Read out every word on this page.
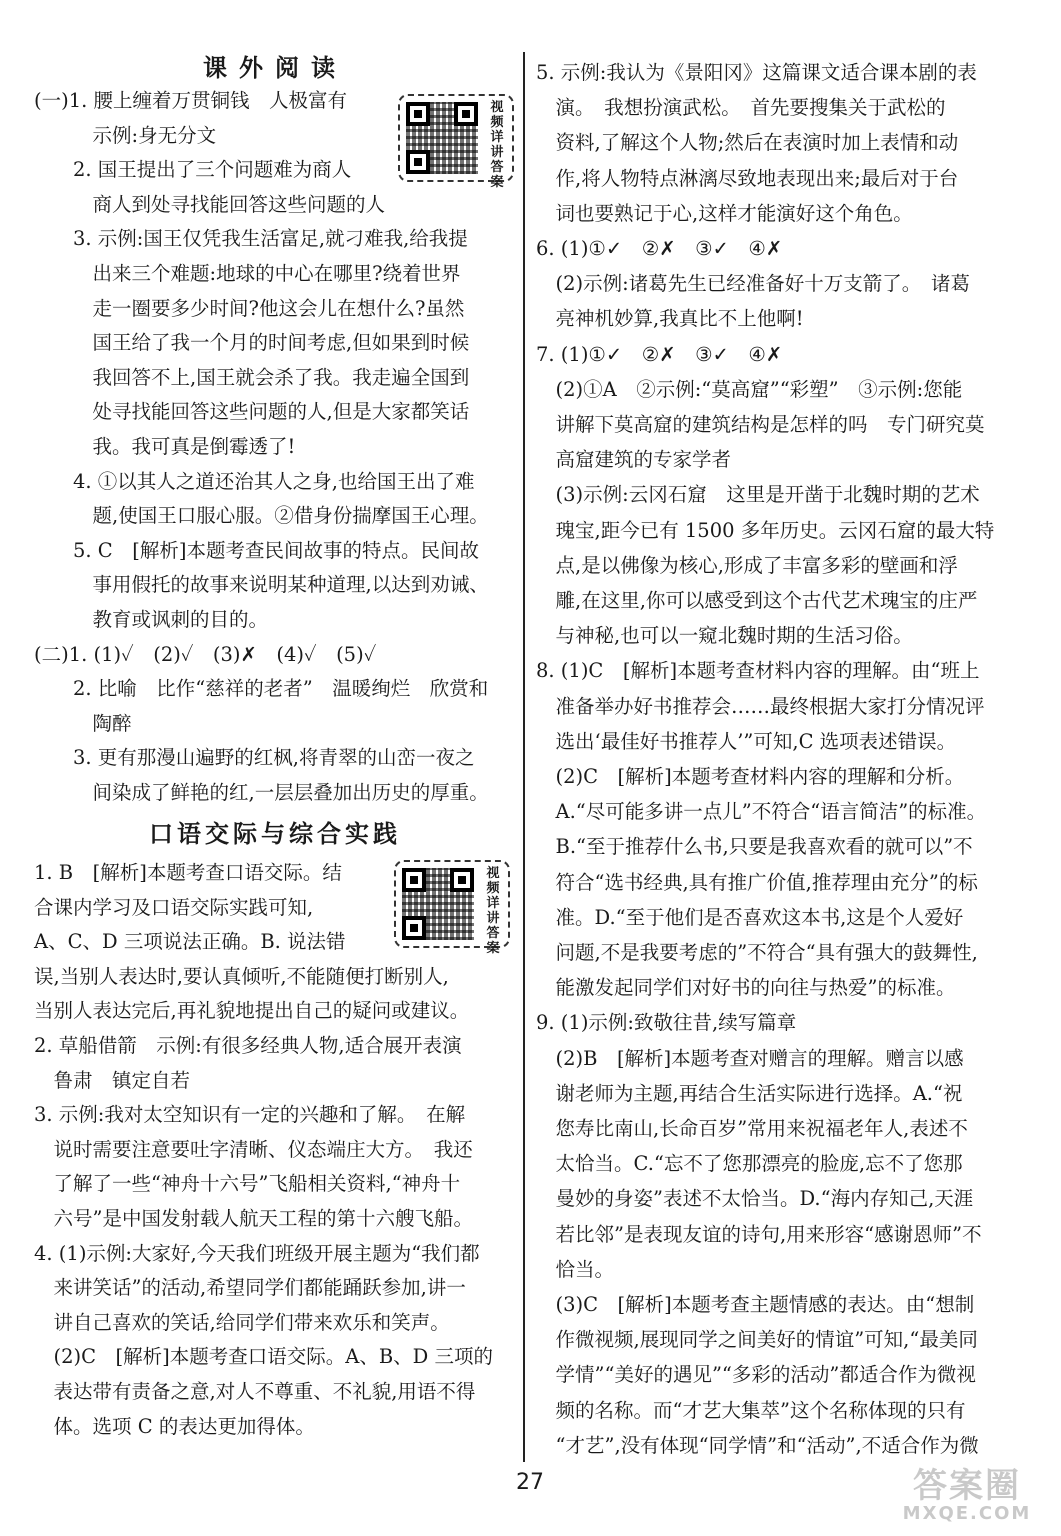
课外阅读
(一)1. 腰上缠着万贯铜钱　人极富有
　　　示例:身无分文
　　2. 国王提出了三个问题难为商人
　　　商人到处寻找能回答这些问题的人
　　3. 示例:国王仅凭我生活富足,就刁难我,给我提
　　　出来三个难题:地球的中心在哪里?绕着世界
　　　走一圈要多少时间?他这会儿在想什么?虽然
　　　国王给了我一个月的时间考虑,但如果到时候
　　　我回答不上,国王就会杀了我。我走遍全国到
　　　处寻找能回答这些问题的人,但是大家都笑话
　　　我。我可真是倒霉透了!
　　4. ①以其人之道还治其人之身,也给国王出了难
　　　题,使国王口服心服。②借身份揣摩国王心理。
　　5. C　[解析]本题考查民间故事的特点。民间故
　　　事用假托的故事来说明某种道理,以达到劝诫、
　　　教育或讽刺的目的。
(二)1. (1)✓　(2)✓　(3)✗　(4)✓　(5)✓
　　2. 比喻　比作“慈祥的老者”　温暖绚烂　欣赏和
　　　陶醉
　　3. 更有那漫山遍野的红枫,将青翠的山峦一夜之
　　　间染成了鲜艳的红,一层层叠加出历史的厚重。
口语交际与综合实践
1. B　[解析]本题考查口语交际。结
合课内学习及口语交际实践可知,
A、C、D 三项说法正确。B. 说法错
误,当别人表达时,要认真倾听,不能随便打断别人,
当别人表达完后,再礼貌地提出自己的疑问或建议。
2. 草船借箭　示例:有很多经典人物,适合展开表演
　鲁肃　镇定自若
3. 示例:我对太空知识有一定的兴趣和了解。　在解
　说时需要注意要吐字清晰、仪态端庄大方。　我还
　了解了一些“神舟十六号”飞船相关资料,“神舟十
　六号”是中国发射载人航天工程的第十六艘飞船。
4. (1)示例:大家好,今天我们班级开展主题为“我们都
　来讲笑话”的活动,希望同学们都能踊跃参加,讲一
　讲自己喜欢的笑话,给同学们带来欢乐和笑声。
　(2)C　[解析]本题考查口语交际。A、B、D 三项的
　表达带有责备之意,对人不尊重、不礼貌,用语不得
　体。选项 C 的表达更加得体。
视频详讲答案
视频详讲答案
5. 示例:我认为《景阳冈》这篇课文适合课本剧的表
　演。　我想扮演武松。　首先要搜集关于武松的
　资料,了解这个人物;然后在表演时加上表情和动
　作,将人物特点淋漓尽致地表现出来;最后对于台
　词也要熟记于心,这样才能演好这个角色。
6. (1)①✓　②✗　③✓　④✗
　(2)示例:诸葛先生已经准备好十万支箭了。　诸葛
　亮神机妙算,我真比不上他啊!
7. (1)①✓　②✗　③✓　④✗
　(2)①A　②示例:“莫高窟”“彩塑”　③示例:您能
　讲解下莫高窟的建筑结构是怎样的吗　专门研究莫
　高窟建筑的专家学者
　(3)示例:云冈石窟　这里是开凿于北魏时期的艺术
　瑰宝,距今已有 1500 多年历史。云冈石窟的最大特
　点,是以佛像为核心,形成了丰富多彩的壁画和浮
　雕,在这里,你可以感受到这个古代艺术瑰宝的庄严
　与神秘,也可以一窥北魏时期的生活习俗。
8. (1)C　[解析]本题考查材料内容的理解。由“班上
　准备举办好书推荐会……最终根据大家打分情况评
　选出‘最佳好书推荐人’”可知,C 选项表述错误。
　(2)C　[解析]本题考查材料内容的理解和分析。
　A.“尽可能多讲一点儿”不符合“语言简洁”的标准。
　B.“至于推荐什么书,只要是我喜欢看的就可以”不
　符合“选书经典,具有推广价值,推荐理由充分”的标
　准。D.“至于他们是否喜欢这本书,这是个人爱好
　问题,不是我要考虑的”不符合“具有强大的鼓舞性,
　能激发起同学们对好书的向往与热爱”的标准。
9. (1)示例:致敬往昔,续写篇章
　(2)B　[解析]本题考查对赠言的理解。赠言以感
　谢老师为主题,再结合生活实际进行选择。A.“祝
　您寿比南山,长命百岁”常用来祝福老年人,表述不
　太恰当。C.“忘不了您那漂亮的脸庞,忘不了您那
　曼妙的身姿”表述不太恰当。D.“海内存知己,天涯
　若比邻”是表现友谊的诗句,用来形容“感谢恩师”不
　恰当。
　(3)C　[解析]本题考查主题情感的表达。由“想制
　作微视频,展现同学之间美好的情谊”可知,“最美同
　学情”“美好的遇见”“多彩的活动”都适合作为微视
　频的名称。而“才艺大集萃”这个名称体现的只有
　“才艺”,没有体现“同学情”和“活动”,不适合作为微
27	答案圈
MXQE.COM
